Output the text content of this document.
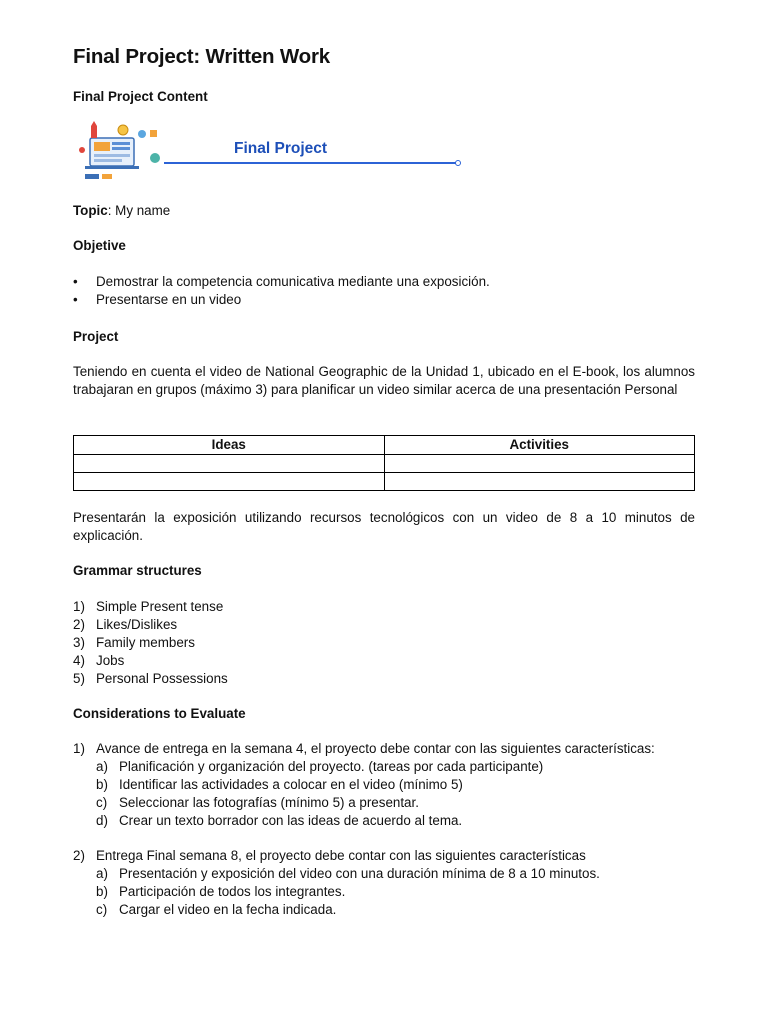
Final Project: Written Work

Final Project Content

Final Project

Topic: My name

Objetive

• Demostrar la competencia comunicativa mediante una exposición.
• Presentarse en un video

Project

Teniendo en cuenta el video de National Geographic de la Unidad 1, ubicado en el E-book, los alumnos trabajaran en grupos (máximo 3) para planificar un video similar acerca de una presentación Personal

Ideas	Activities

Presentarán la exposición utilizando recursos tecnológicos con un video de 8 a 10 minutos de explicación.

Grammar structures

1) Simple Present tense
2) Likes/Dislikes
3) Family members
4) Jobs
5) Personal Possessions

Considerations to Evaluate

1) Avance de entrega en la semana 4, el proyecto debe contar con las siguientes características:
a) Planificación y organización del proyecto. (tareas por cada participante)
b) Identificar las actividades a colocar en el video (mínimo 5)
c) Seleccionar las fotografías (mínimo 5) a presentar.
d) Crear un texto borrador con las ideas de acuerdo al tema.
2) Entrega Final semana 8, el proyecto debe contar con las siguientes características
a) Presentación y exposición del video con una duración mínima de 8 a 10 minutos.
b) Participación de todos los integrantes.
c) Cargar el video en la fecha indicada.
